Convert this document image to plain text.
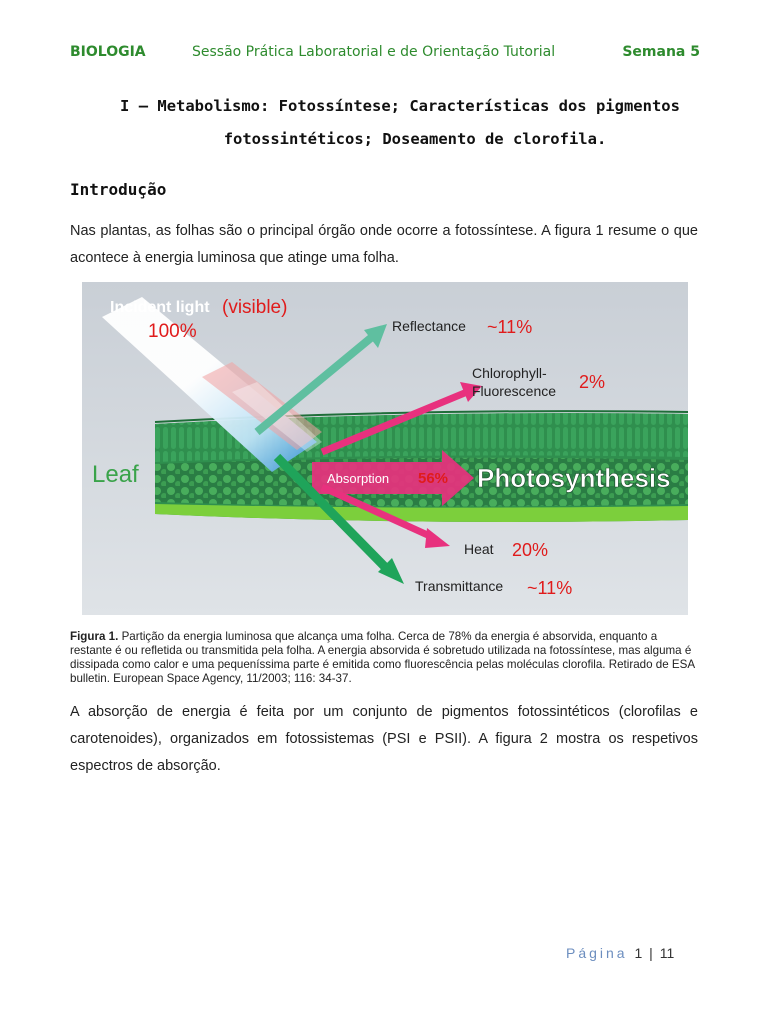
BIOLOGIA	Sessão Prática Laboratorial e de Orientação Tutorial	Semana 5
I – Metabolismo: Fotossíntese; Características dos pigmentos
fotossintéticos; Doseamento de clorofila.
Introdução
Nas plantas, as folhas são o principal órgão onde ocorre a fotossíntese. A figura 1 resume o que acontece à energia luminosa que atinge uma folha.
Incident light (visible)
100%	Reflectance ~11%
Chlorophyll-
Fluorescence 2%
Leaf	Absorption 56% Photosynthesis
Heat 20%
Transmittance ~11%
Figura 1. Partição da energia luminosa que alcança uma folha. Cerca de 78% da energia é absorvida, enquanto a restante é ou refletida ou transmitida pela folha. A energia absorvida é sobretudo utilizada na fotossíntese, mas alguma é dissipada como calor e uma pequeníssima parte é emitida como fluorescência pelas moléculas clorofila. Retirado de ESA bulletin. European Space Agency, 11/2003; 116: 34-37.
A absorção de energia é feita por um conjunto de pigmentos fotossintéticos (clorofilas e carotenoides), organizados em fotossistemas (PSI e PSII). A figura 2 mostra os respetivos espectros de absorção.
Página 1 | 11
